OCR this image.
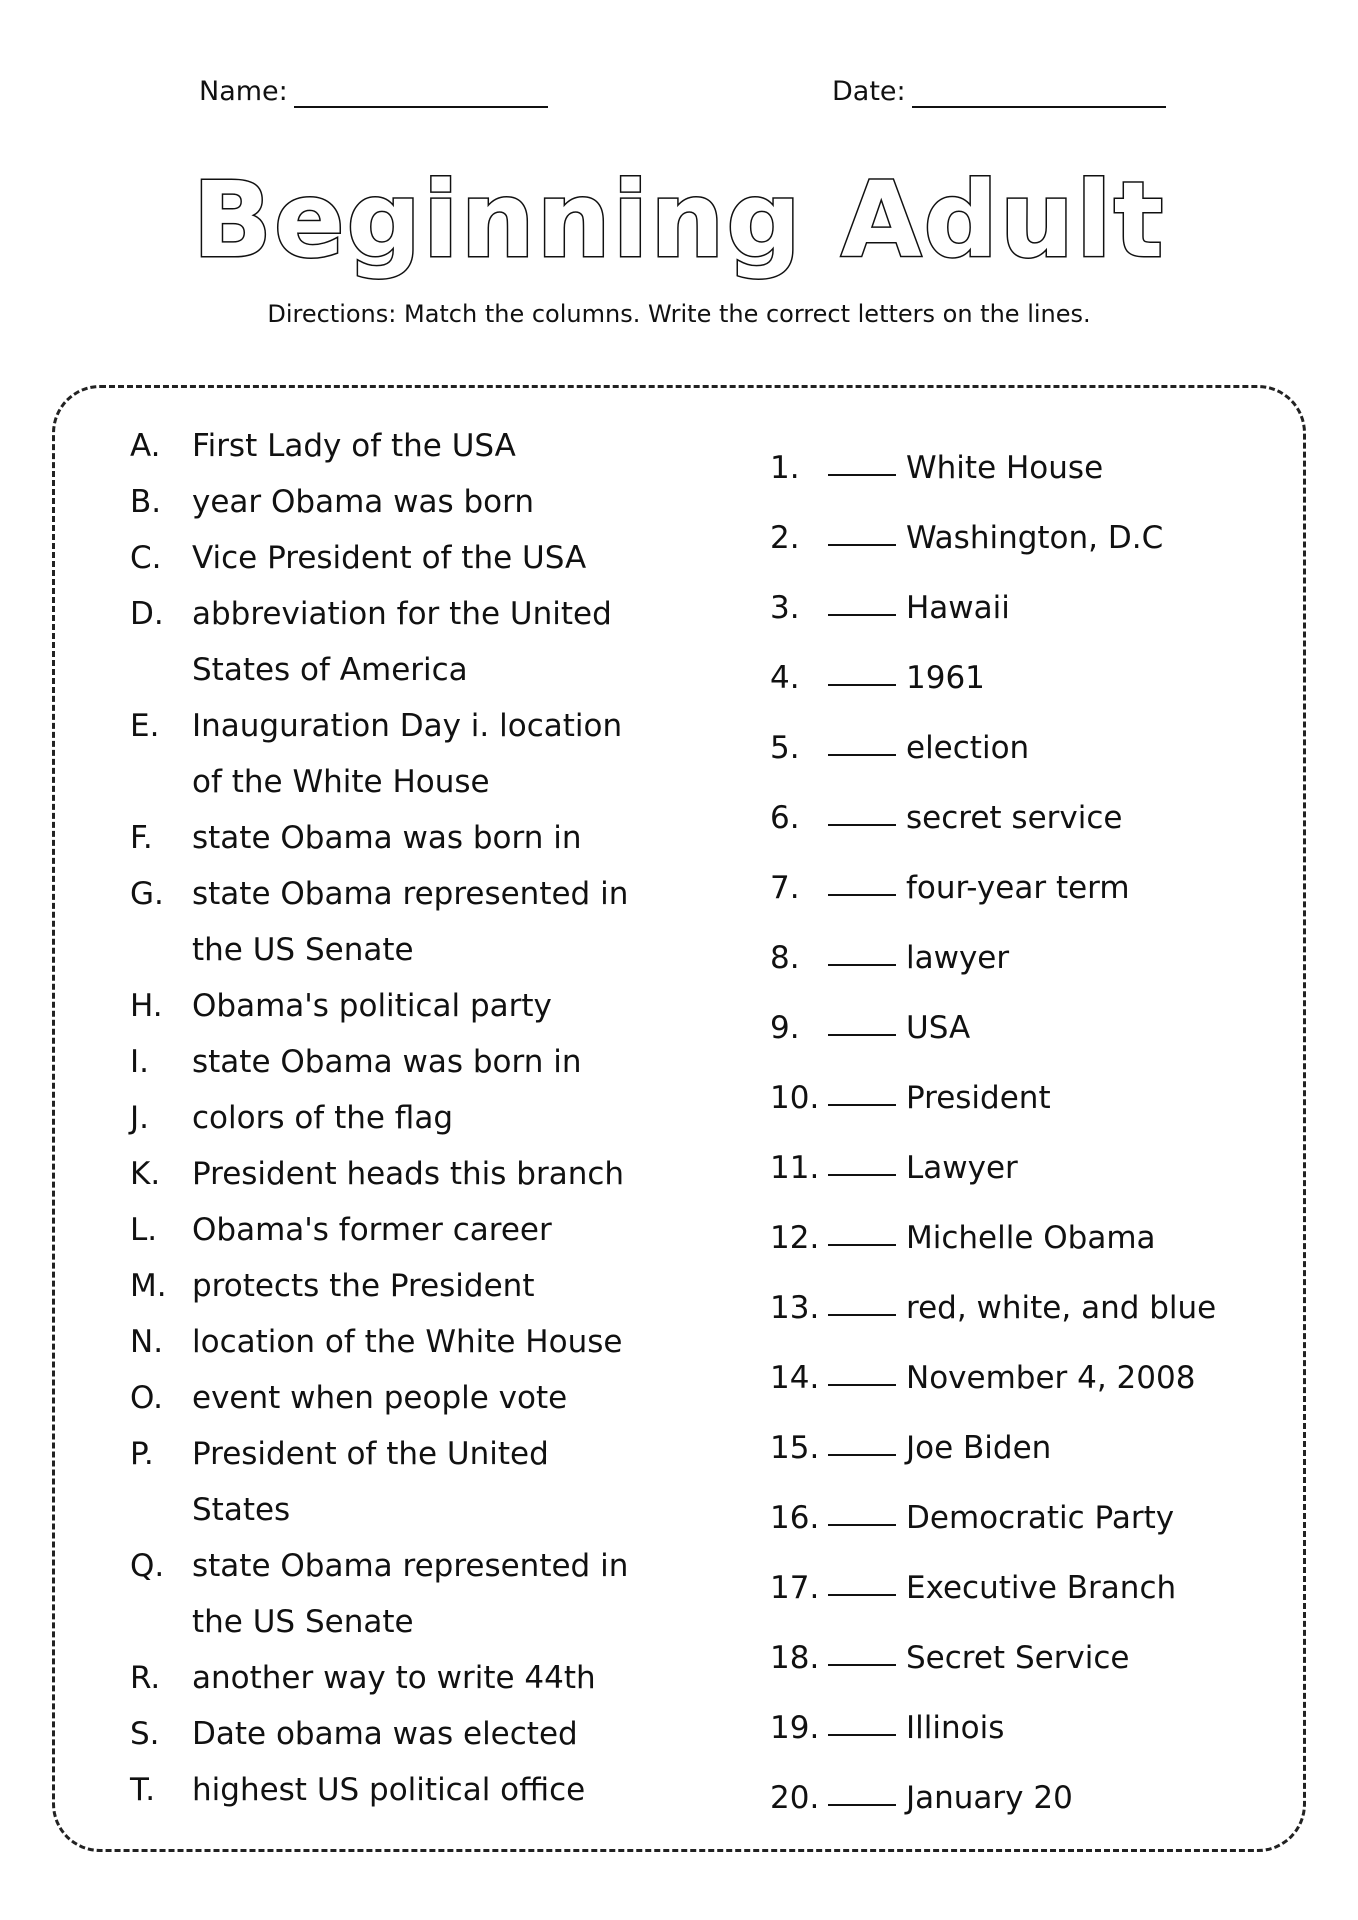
Name:	Date:
Beginning Adult
Directions: Match the columns. Write the correct letters on the lines.
A.	First Lady of the USA
B. year Obama was born
C. Vice President of the USA
D. abbreviation for the United States of America
E.	Inauguration Day i. location of the White House
F.	state Obama was born in
G. state Obama represented in the US Senate
H. Obama's political party
I.	state Obama was born in
J.	colors of the flag
K.	President heads this branch
L.	Obama's former career
M. protects the President
N. location of the White House
O. event when people vote
P.	President of the United States
Q. state Obama represented in the US Senate
R.	another way to write 44th
S.	Date obama was elected
T.	highest US political office
1.	White House
2.	Washington, D.C
3.	Hawaii
4.	1961
5.	election
6.	secret service
7.	four-year term
8.	lawyer
9.	USA
10.	President
11.	Lawyer
12.	Michelle Obama
13.	red, white, and blue
14.	November 4, 2008
15.	Joe Biden
16.	Democratic Party
17.	Executive Branch
18.	Secret Service
19.	Illinois
20.	January 20
